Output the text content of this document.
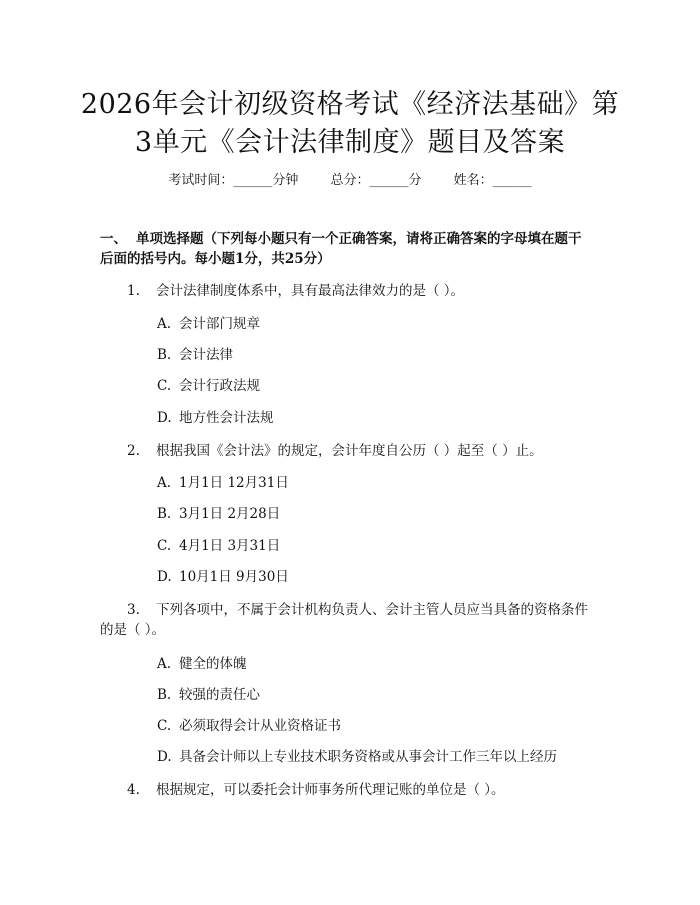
2026年会计初级资格考试《经济法基础》第
3单元《会计法律制度》题目及答案
考试时间：______分钟 总分：______分 姓名：______
一、 单项选择题（下列每小题只有一个正确答案，请将正确答案的字母填在题干
后面的括号内。每小题1分，共25分）
1. 会计法律制度体系中，具有最高法律效力的是（ ）。
A. 会计部门规章
B. 会计法律
C. 会计行政法规
D. 地方性会计法规
2. 根据我国《会计法》的规定，会计年度自公历（ ）起至（ ）止。
A. 1月1日 12月31日
B. 3月1日 2月28日
C. 4月1日 3月31日
D. 10月1日 9月30日
3. 下列各项中，不属于会计机构负责人、会计主管人员应当具备的资格条件
的是（ ）。
A. 健全的体魄
B. 较强的责任心
C. 必须取得会计从业资格证书
D. 具备会计师以上专业技术职务资格或从事会计工作三年以上经历
4. 根据规定，可以委托会计师事务所代理记账的单位是（ ）。
